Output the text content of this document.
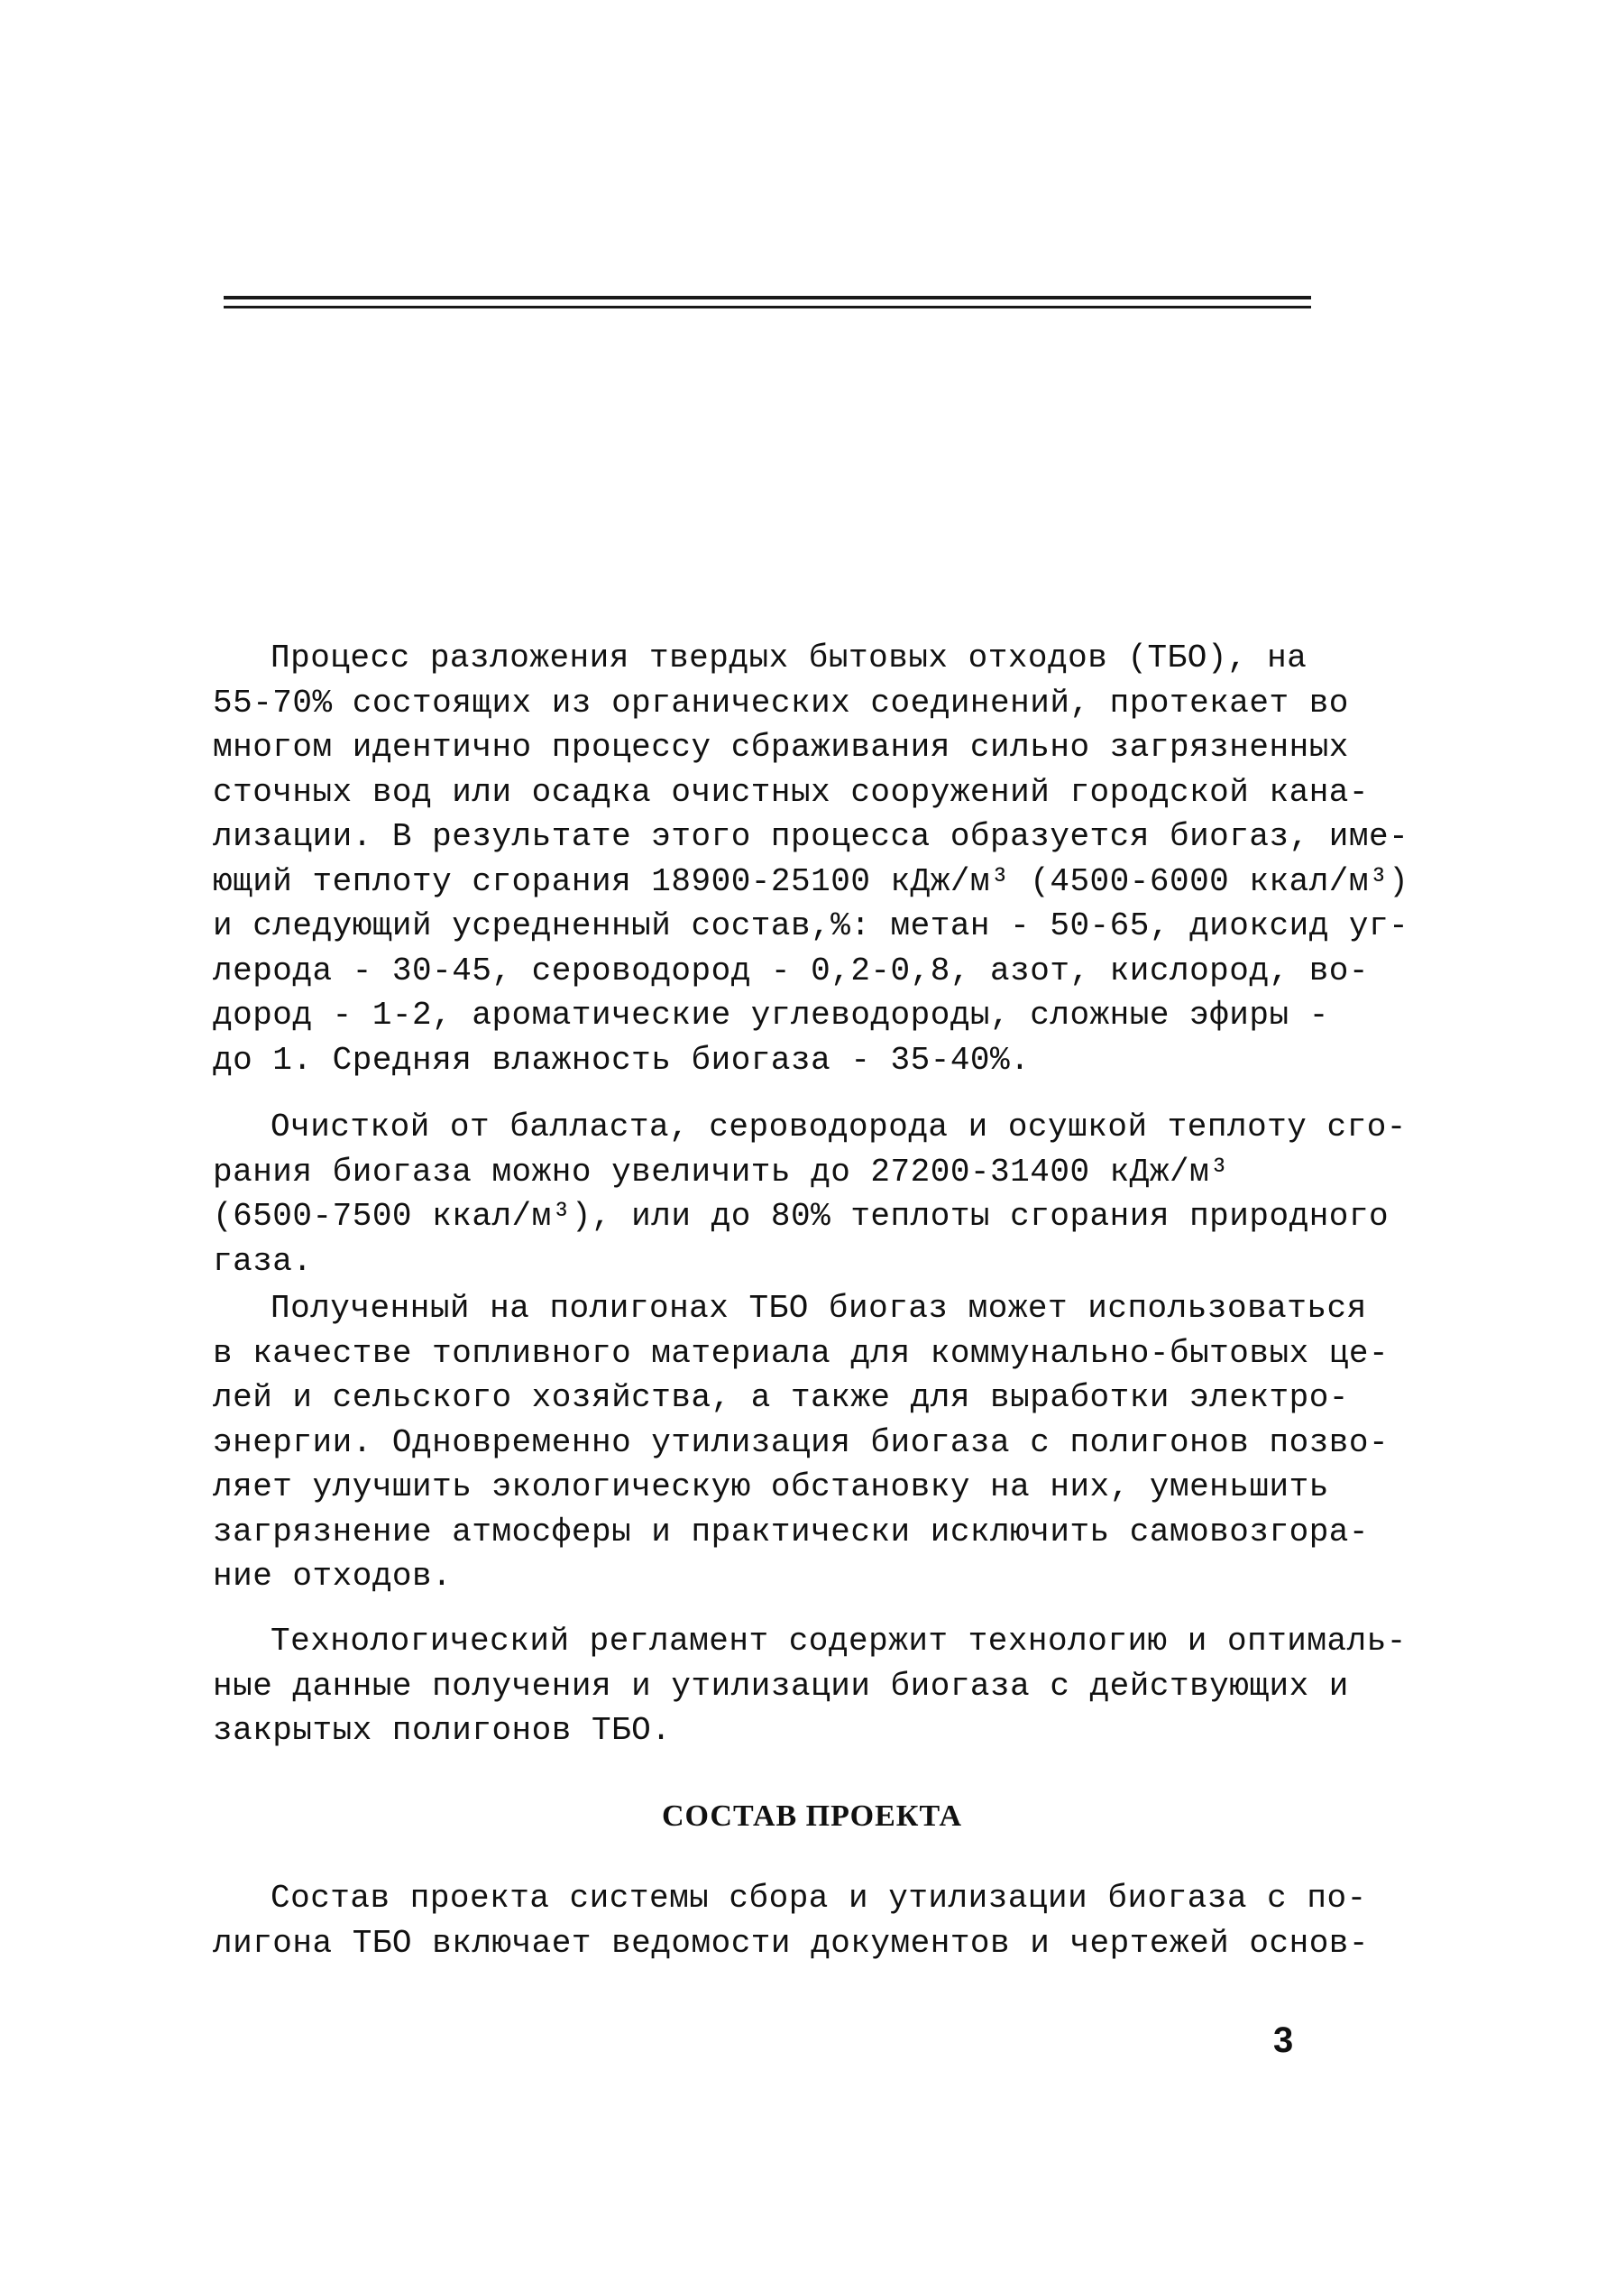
Процесс разложения твердых бытовых отходов (ТБО), на
55-70% состоящих из органических соединений, протекает во
многом идентично процессу сбраживания сильно загрязненных
сточных вод или осадка очистных сооружений городской кана-
лизации. В результате этого процесса образуется биогаз, име-
ющий теплоту сгорания 18900-25100 кДж/м³ (4500-6000 ккал/м³)
и следующий усредненный состав,%: метан - 50-65, диоксид уг-
лерода - 30-45, сероводород - 0,2-0,8, азот, кислород, во-
дород - 1-2, ароматические углеводороды, сложные эфиры -
до 1. Средняя влажность биогаза - 35-40%.

Очисткой от балласта, сероводорода и осушкой теплоту сго-
рания биогаза можно увеличить до 27200-31400 кДж/м³
(6500-7500 ккал/м³), или до 80% теплоты сгорания природного
газа.

Полученный на полигонах ТБО биогаз может использоваться
в качестве топливного материала для коммунально-бытовых це-
лей и сельского хозяйства, а также для выработки электро-
энергии. Одновременно утилизация биогаза с полигонов позво-
ляет улучшить экологическую обстановку на них, уменьшить
загрязнение атмосферы и практически исключить самовозгора-
ние отходов.

Технологический регламент содержит технологию и оптималь-
ные данные получения и утилизации биогаза с действующих и
закрытых полигонов ТБО.

СОСТАВ ПРОЕКТА

Состав проекта системы сбора и утилизации биогаза с по-
лигона ТБО включает ведомости документов и чертежей основ-

3
